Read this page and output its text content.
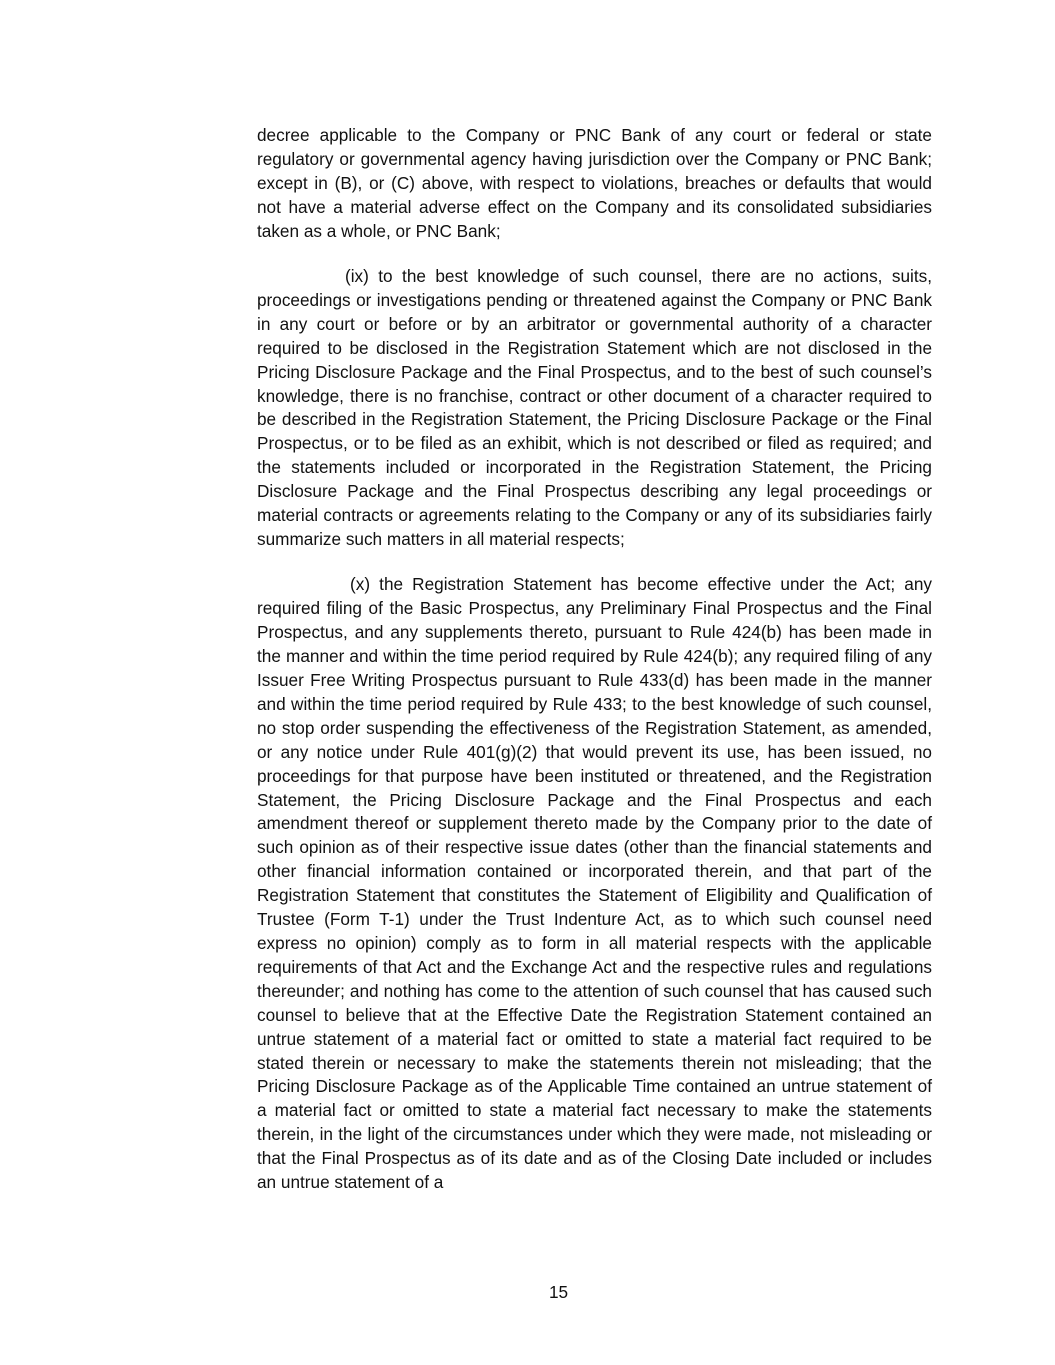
decree applicable to the Company or PNC Bank of any court or federal or state regulatory or governmental agency having jurisdiction over the Company or PNC Bank; except in (B), or (C) above, with respect to violations, breaches or defaults that would not have a material adverse effect on the Company and its consolidated subsidiaries taken as a whole, or PNC Bank;

(ix) to the best knowledge of such counsel, there are no actions, suits, proceedings or investigations pending or threatened against the Company or PNC Bank in any court or before or by an arbitrator or governmental authority of a character required to be disclosed in the Registration Statement which are not disclosed in the Pricing Disclosure Package and the Final Prospectus, and to the best of such counsel’s knowledge, there is no franchise, contract or other document of a character required to be described in the Registration Statement, the Pricing Disclosure Package or the Final Prospectus, or to be filed as an exhibit, which is not described or filed as required; and the statements included or incorporated in the Registration Statement, the Pricing Disclosure Package and the Final Prospectus describing any legal proceedings or material contracts or agreements relating to the Company or any of its subsidiaries fairly summarize such matters in all material respects;

(x) the Registration Statement has become effective under the Act; any required filing of the Basic Prospectus, any Preliminary Final Prospectus and the Final Prospectus, and any supplements thereto, pursuant to Rule 424(b) has been made in the manner and within the time period required by Rule 424(b); any required filing of any Issuer Free Writing Prospectus pursuant to Rule 433(d) has been made in the manner and within the time period required by Rule 433; to the best knowledge of such counsel, no stop order suspending the effectiveness of the Registration Statement, as amended, or any notice under Rule 401(g)(2) that would prevent its use, has been issued, no proceedings for that purpose have been instituted or threatened, and the Registration Statement, the Pricing Disclosure Package and the Final Prospectus and each amendment thereof or supplement thereto made by the Company prior to the date of such opinion as of their respective issue dates (other than the financial statements and other financial information contained or incorporated therein, and that part of the Registration Statement that constitutes the Statement of Eligibility and Qualification of Trustee (Form T-1) under the Trust Indenture Act, as to which such counsel need express no opinion) comply as to form in all material respects with the applicable requirements of that Act and the Exchange Act and the respective rules and regulations thereunder; and nothing has come to the attention of such counsel that has caused such counsel to believe that at the Effective Date the Registration Statement contained an untrue statement of a material fact or omitted to state a material fact required to be stated therein or necessary to make the statements therein not misleading; that the Pricing Disclosure Package as of the Applicable Time contained an untrue statement of a material fact or omitted to state a material fact necessary to make the statements therein, in the light of the circumstances under which they were made, not misleading or that the Final Prospectus as of its date and as of the Closing Date included or includes an untrue statement of a

15
